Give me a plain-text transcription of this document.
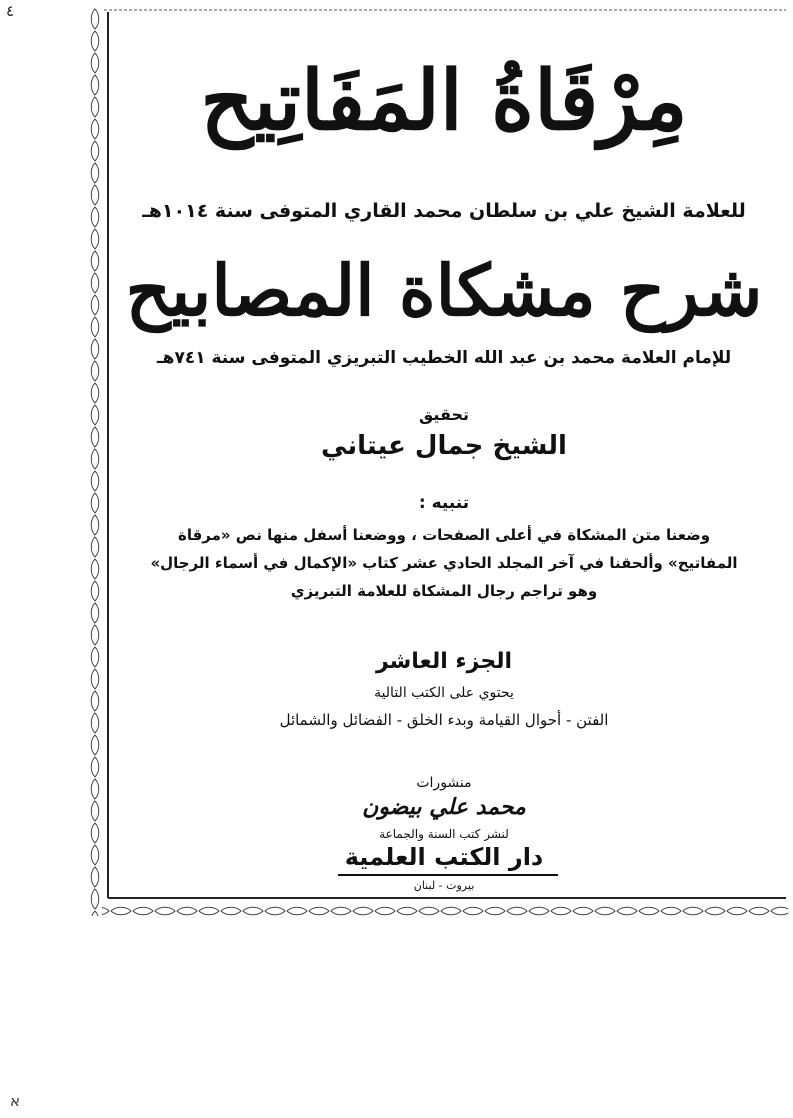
٤
א
مِرْقَاةُ المَفَاتِيح
للعلامة الشيخ علي بن سلطان محمد القاري المتوفى سنة ١٠١٤هـ
شرح مشكاة المصابيح
للإمام العلامة محمد بن عبد الله الخطيب التبريزي المتوفى سنة ٧٤١هـ
تحقيق
الشيخ جمال عيتاني
تنبيه :
وضعنا متن المشكاة في أعلى الصفحات ، ووضعنا أسفل منها نص «مرقاة
المفاتيح» وألحقنا في آخر المجلد الحادي عشر كتاب «الإكمال في أسماء الرجال»
وهو تراجم رجال المشكاة للعلامة التبريزي
الجزء العاشر
يحتوي على الكتب التالية
الفتن - أحوال القيامة وبدء الخلق - الفضائل والشمائل
منشورات
محمد علي بيضون
لنشر كتب السنة والجماعة
دار الكتب العلمية
بيروت - لبنان
